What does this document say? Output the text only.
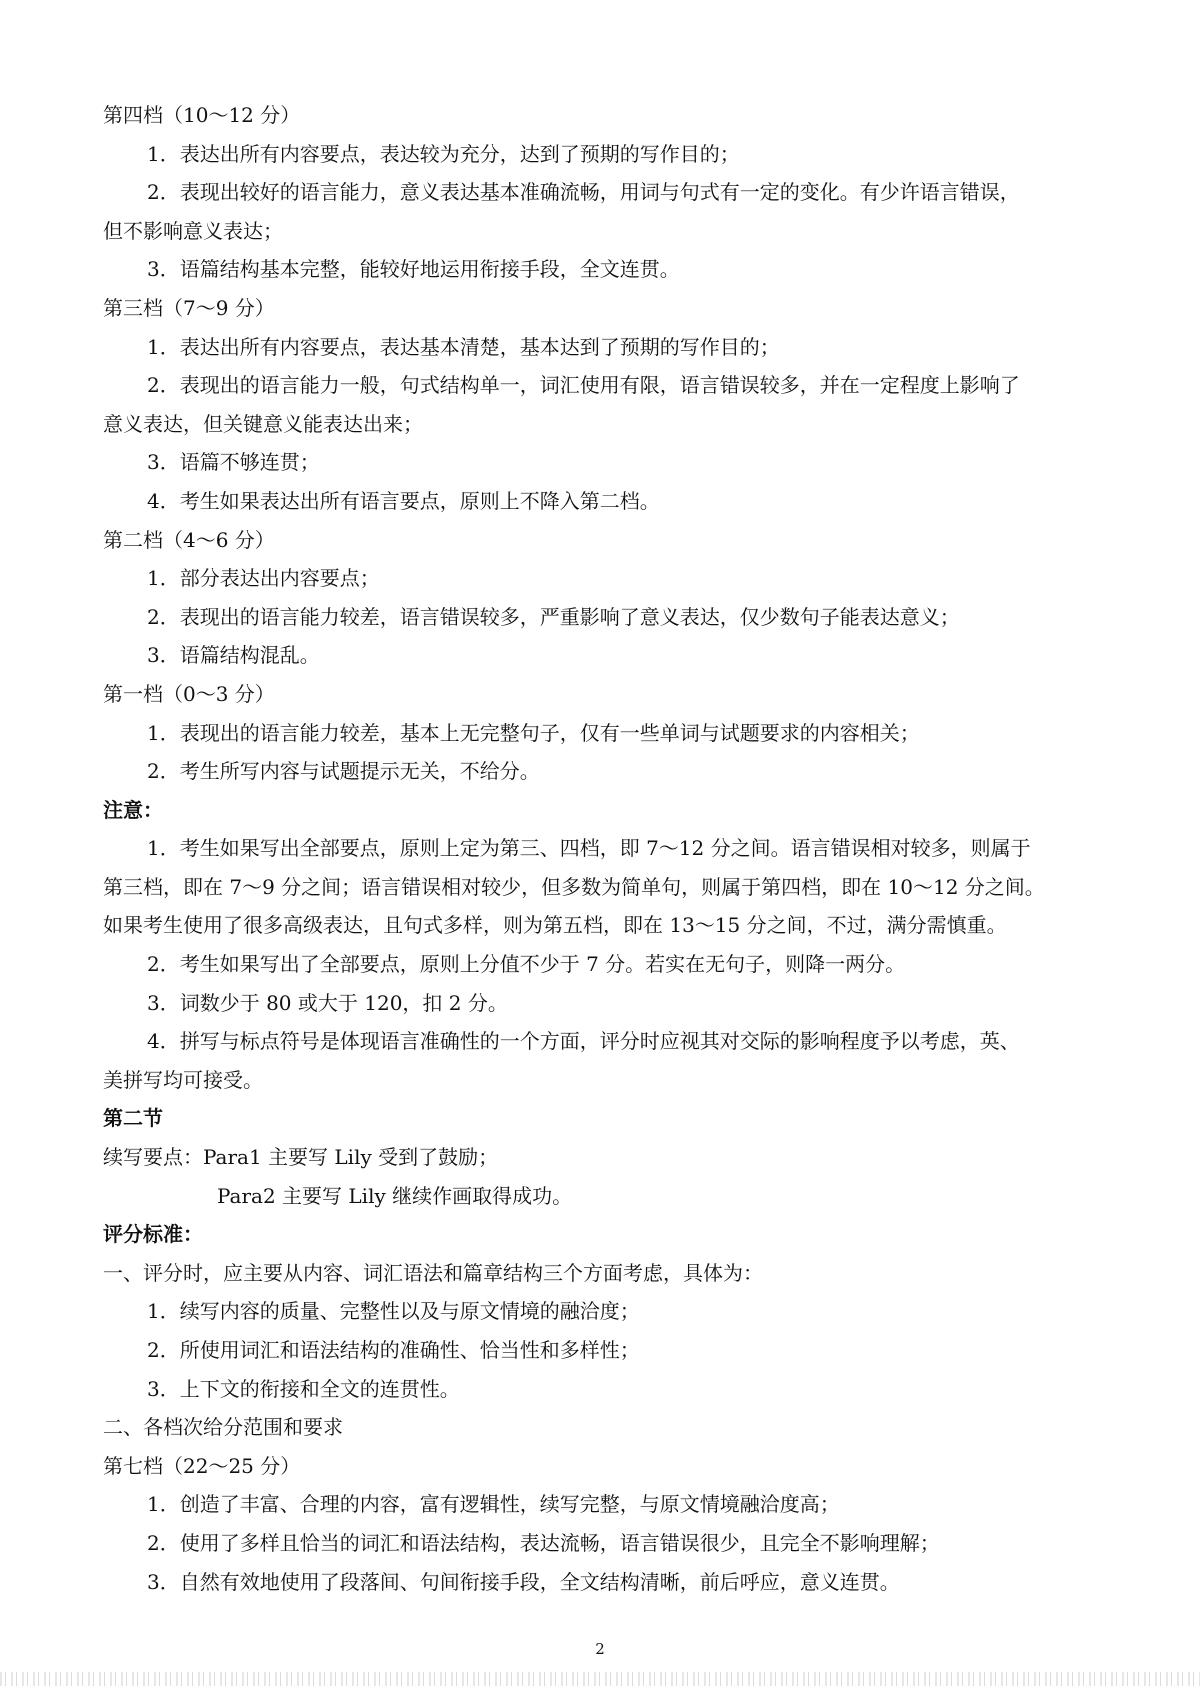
第四档（10～12 分）
1．表达出所有内容要点，表达较为充分，达到了预期的写作目的；
2．表现出较好的语言能力，意义表达基本准确流畅，用词与句式有一定的变化。有少许语言错误，
但不影响意义表达；
3．语篇结构基本完整，能较好地运用衔接手段，全文连贯。
第三档（7～9 分）
1．表达出所有内容要点，表达基本清楚，基本达到了预期的写作目的；
2．表现出的语言能力一般，句式结构单一，词汇使用有限，语言错误较多，并在一定程度上影响了
意义表达，但关键意义能表达出来；
3．语篇不够连贯；
4．考生如果表达出所有语言要点，原则上不降入第二档。
第二档（4～6 分）
1．部分表达出内容要点；
2．表现出的语言能力较差，语言错误较多，严重影响了意义表达，仅少数句子能表达意义；
3．语篇结构混乱。
第一档（0～3 分）
1．表现出的语言能力较差，基本上无完整句子，仅有一些单词与试题要求的内容相关；
2．考生所写内容与试题提示无关，不给分。
注意：
1．考生如果写出全部要点，原则上定为第三、四档，即 7～12 分之间。语言错误相对较多，则属于
第三档，即在 7～9 分之间；语言错误相对较少，但多数为简单句，则属于第四档，即在 10～12 分之间。
如果考生使用了很多高级表达，且句式多样，则为第五档，即在 13～15 分之间，不过，满分需慎重。
2．考生如果写出了全部要点，原则上分值不少于 7 分。若实在无句子，则降一两分。
3．词数少于 80 或大于 120，扣 2 分。
4．拼写与标点符号是体现语言准确性的一个方面，评分时应视其对交际的影响程度予以考虑，英、
美拼写均可接受。
第二节
续写要点：Para1 主要写 Lily 受到了鼓励；
Para2 主要写 Lily 继续作画取得成功。
评分标准：
一、评分时，应主要从内容、词汇语法和篇章结构三个方面考虑，具体为：
1．续写内容的质量、完整性以及与原文情境的融洽度；
2．所使用词汇和语法结构的准确性、恰当性和多样性；
3．上下文的衔接和全文的连贯性。
二、各档次给分范围和要求
第七档（22～25 分）
1．创造了丰富、合理的内容，富有逻辑性，续写完整，与原文情境融洽度高；
2．使用了多样且恰当的词汇和语法结构，表达流畅，语言错误很少，且完全不影响理解；
3．自然有效地使用了段落间、句间衔接手段，全文结构清晰，前后呼应，意义连贯。
2
